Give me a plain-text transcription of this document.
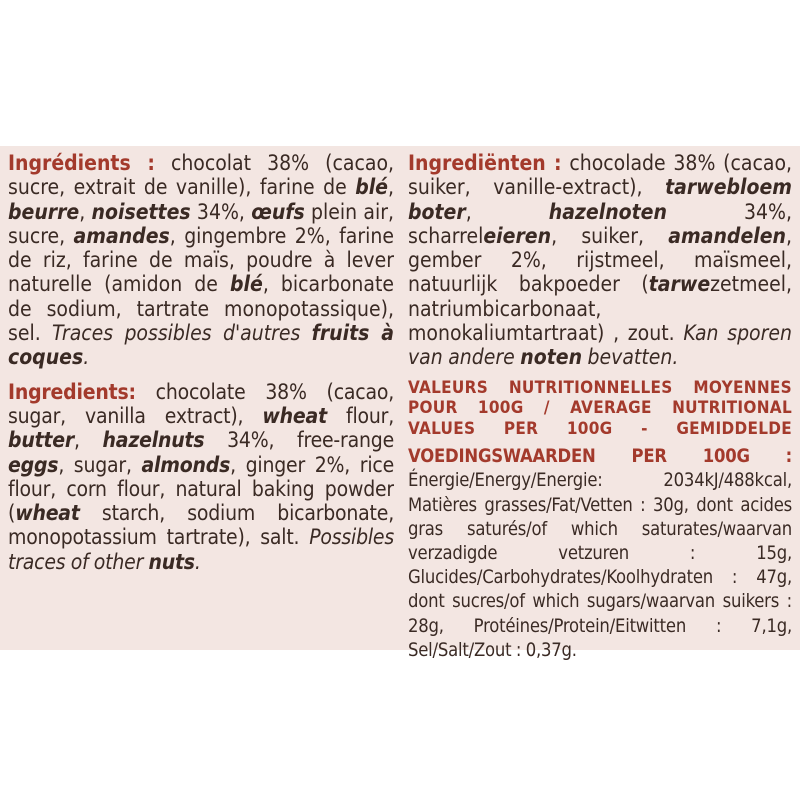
Ingrédients : chocolat 38% (cacao, sucre, extrait de vanille), farine de blé, beurre, noisettes 34%, œufs plein air, sucre, amandes, gingembre 2%, farine de riz, farine de maïs, poudre à lever naturelle (amidon de blé, bicarbonate de sodium, tartrate monopotassique), sel. Traces possibles d'autres fruits à coques.

Ingredients: chocolate 38% (cacao, sugar, vanilla extract), wheat flour, butter, hazelnuts 34%, free-range eggs, sugar, almonds, ginger 2%, rice flour, corn flour, natural baking powder (wheat starch, sodium bicarbonate, monopotassium tartrate), salt. Possibles traces of other nuts.

Ingrediënten : chocolade 38% (cacao, suiker, vanille-extract), tarwebloem boter, hazelnoten 34%, scharreleieren, suiker, amandelen, gember 2%, rijstmeel, maïsmeel, natuurlijk bakpoeder (tarwezetmeel, natriumbicarbonaat, monokaliumtartraat) , zout. Kan sporen van andere noten bevatten.

VALEURS NUTRITIONNELLES MOYENNES POUR 100G / AVERAGE NUTRITIONAL VALUES PER 100G - GEMIDDELDE

VOEDINGSWAARDEN PER 100G : Énergie/Energy/Energie: 2034kJ/488kcal, Matières grasses/Fat/Vetten : 30g, dont acides gras saturés/of which saturates/waarvan verzadigde vetzuren : 15g, Glucides/Carbohydrates/Koolhydraten : 47g, dont sucres/of which sugars/waarvan suikers : 28g, Protéines/Protein/Eitwitten : 7,1g, Sel/Salt/Zout : 0,37g.
